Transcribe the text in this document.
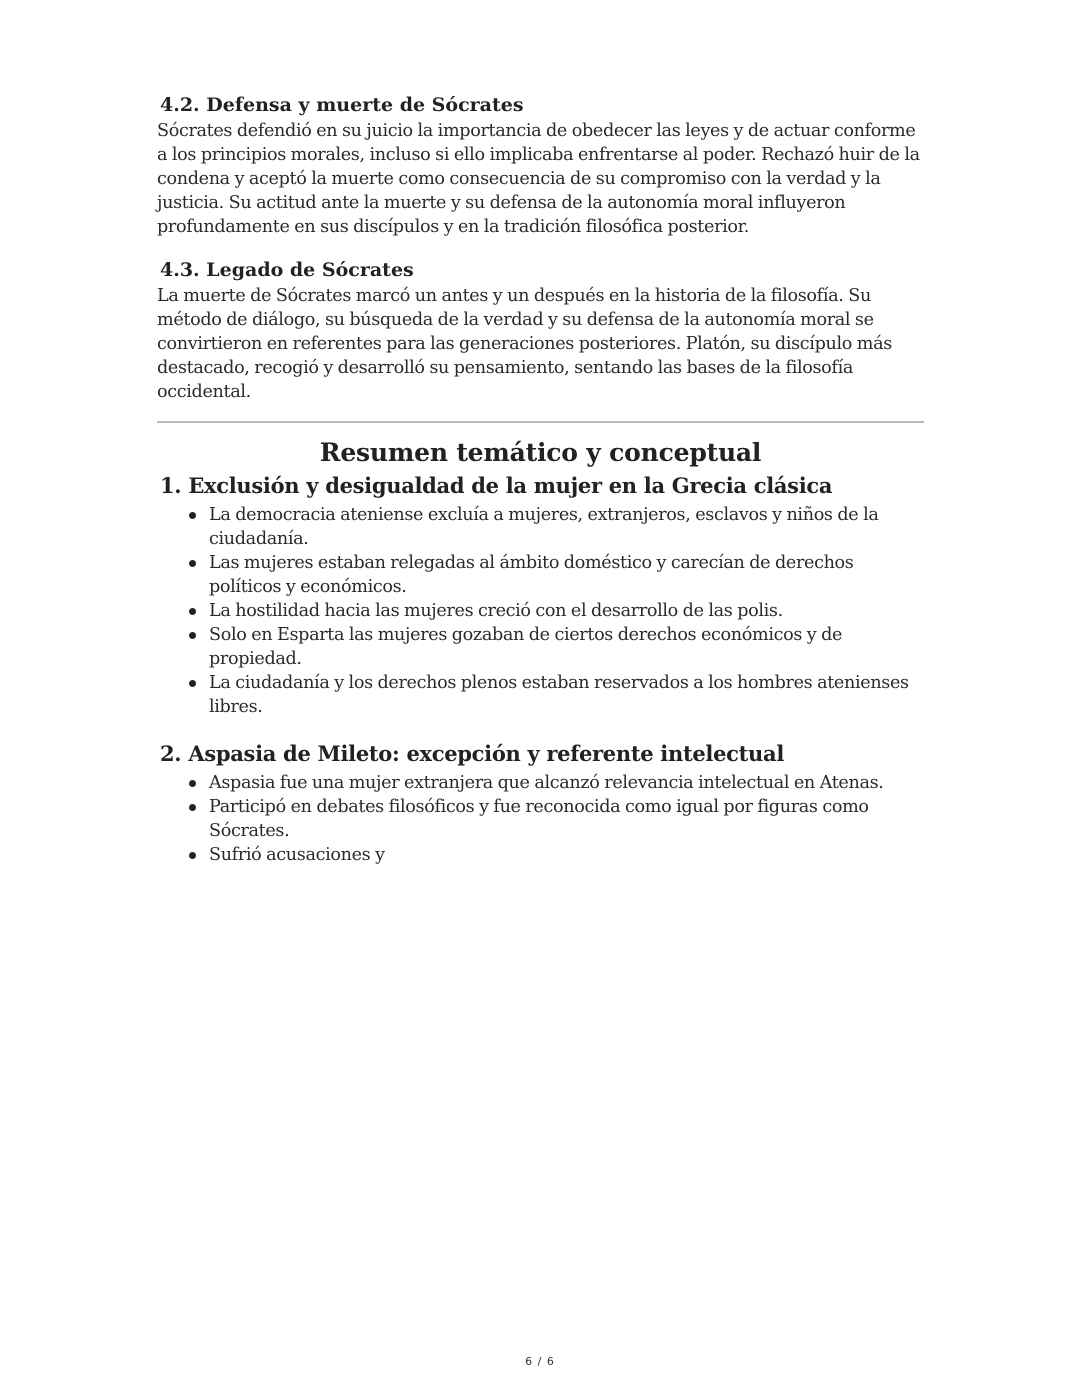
4.2. Defensa y muerte de Sócrates

Sócrates defendió en su juicio la importancia de obedecer las leyes y de actuar conforme a los principios morales, incluso si ello implicaba enfrentarse al poder. Rechazó huir de la condena y aceptó la muerte como consecuencia de su compromiso con la verdad y la justicia. Su actitud ante la muerte y su defensa de la autonomía moral influyeron profundamente en sus discípulos y en la tradición filosófica posterior.

4.3. Legado de Sócrates

La muerte de Sócrates marcó un antes y un después en la historia de la filosofía. Su método de diálogo, su búsqueda de la verdad y su defensa de la autonomía moral se convirtieron en referentes para las generaciones posteriores. Platón, su discípulo más destacado, recogió y desarrolló su pensamiento, sentando las bases de la filosofía occidental.

Resumen temático y conceptual
1. Exclusión y desigualdad de la mujer en la Grecia clásica
La democracia ateniense excluía a mujeres, extranjeros, esclavos y niños de la ciudadanía.
Las mujeres estaban relegadas al ámbito doméstico y carecían de derechos políticos y económicos.
La hostilidad hacia las mujeres creció con el desarrollo de las polis.
Solo en Esparta las mujeres gozaban de ciertos derechos económicos y de propiedad.
La ciudadanía y los derechos plenos estaban reservados a los hombres atenienses libres.
2. Aspasia de Mileto: excepción y referente intelectual
Aspasia fue una mujer extranjera que alcanzó relevancia intelectual en Atenas.
Participó en debates filosóficos y fue reconocida como igual por figuras como Sócrates.
Sufrió acusaciones y
6 / 6
